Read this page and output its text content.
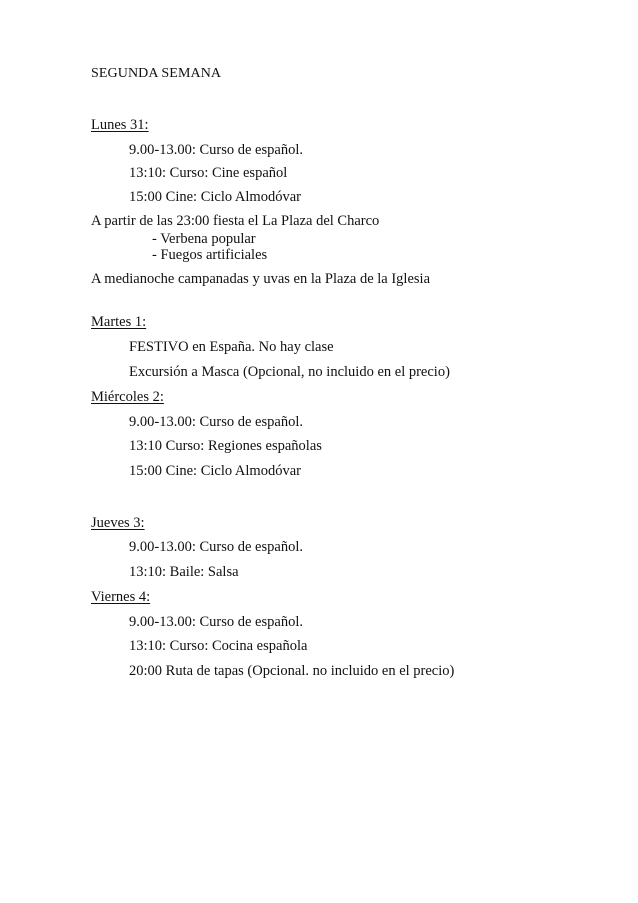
SEGUNDA SEMANA
Lunes 31:
9.00-13.00: Curso de español.
13:10: Curso: Cine español
15:00 Cine: Ciclo Almodóvar
A partir de las 23:00 fiesta el La Plaza del Charco
- Verbena popular
- Fuegos artificiales
A medianoche campanadas y uvas en la Plaza de la Iglesia
Martes 1:
FESTIVO en España. No hay clase
Excursión a Masca (Opcional, no incluido en el precio)
Miércoles 2:
9.00-13.00: Curso de español.
13:10 Curso: Regiones españolas
15:00 Cine: Ciclo Almodóvar
Jueves 3:
9.00-13.00: Curso de español.
13:10: Baile: Salsa
Viernes 4:
9.00-13.00: Curso de español.
13:10: Curso: Cocina española
20:00 Ruta de tapas (Opcional. no incluido en el precio)
